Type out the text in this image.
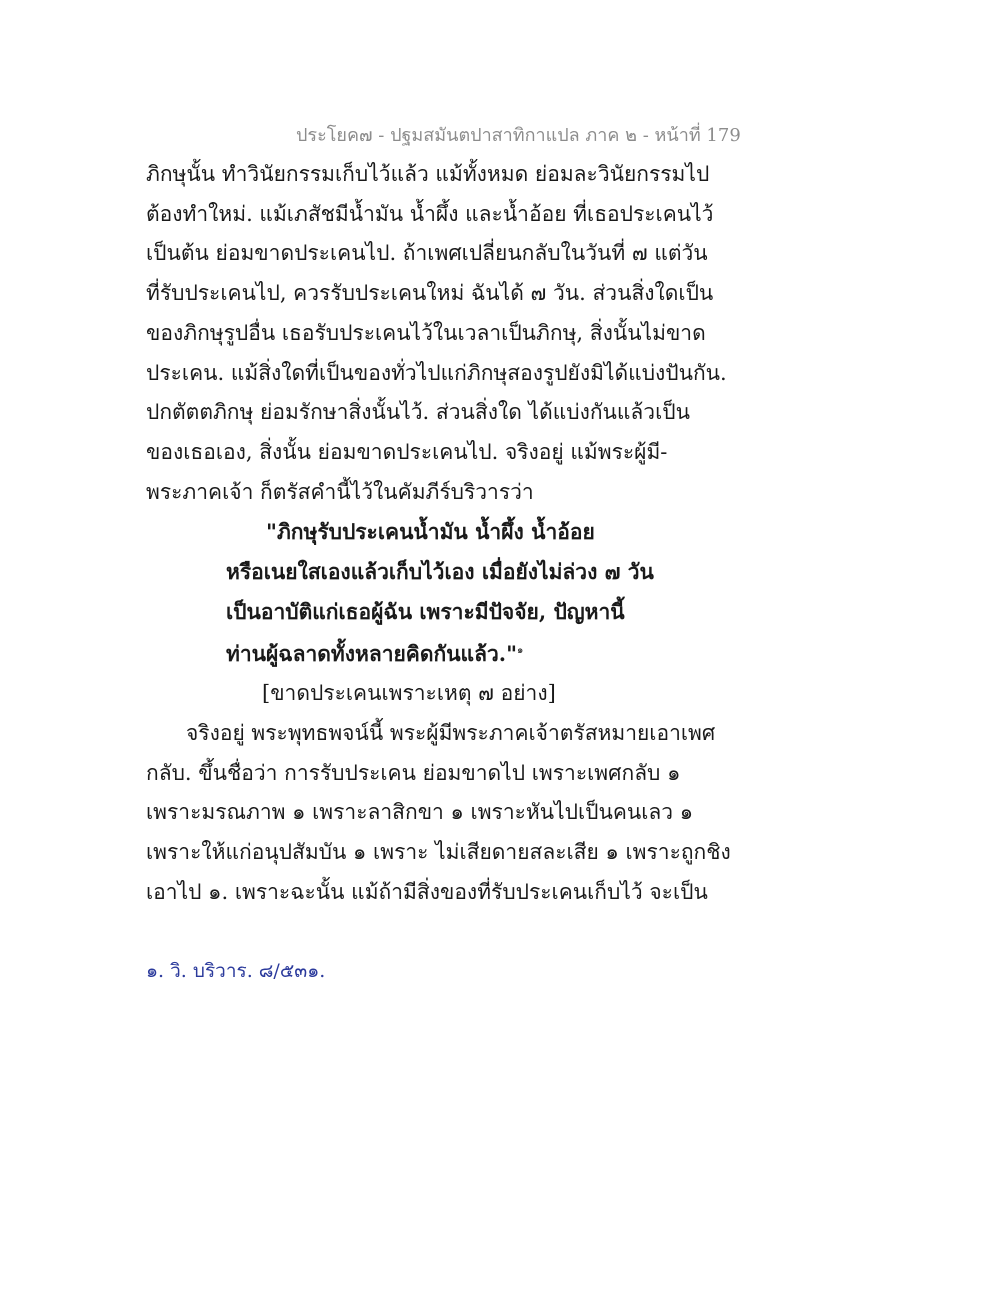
ประโยค๗ - ปฐมสมันตปาสาทิกาแปล ภาค ๒ - หน้าที่ 179
ภิกษุนั้น ทำวินัยกรรมเก็บไว้แล้ว แม้ทั้งหมด ย่อมละวินัยกรรมไป
ต้องทำใหม่. แม้เภสัชมีน้ำมัน น้ำผึ้ง และน้ำอ้อย ที่เธอประเคนไว้
เป็นต้น ย่อมขาดประเคนไป. ถ้าเพศเปลี่ยนกลับในวันที่ ๗ แต่วัน
ที่รับประเคนไป, ควรรับประเคนใหม่ ฉันได้ ๗ วัน. ส่วนสิ่งใดเป็น
ของภิกษุรูปอื่น เธอรับประเคนไว้ในเวลาเป็นภิกษุ, สิ่งนั้นไม่ขาด
ประเคน. แม้สิ่งใดที่เป็นของทั่วไปแก่ภิกษุสองรูปยังมิได้แบ่งปันกัน.
ปกตัตตภิกษุ ย่อมรักษาสิ่งนั้นไว้. ส่วนสิ่งใด ได้แบ่งกันแล้วเป็น
ของเธอเอง, สิ่งนั้น ย่อมขาดประเคนไป. จริงอยู่ แม้พระผู้มี-
พระภาคเจ้า ก็ตรัสคำนี้ไว้ในคัมภีร์บริวารว่า
"ภิกษุรับประเคนน้ำมัน น้ำผึ้ง น้ำอ้อย
หรือเนยใสเองแล้วเก็บไว้เอง เมื่อยังไม่ล่วง ๗ วัน
เป็นอาบัติแก่เธอผู้ฉัน เพราะมีปัจจัย, ปัญหานี้
ท่านผู้ฉลาดทั้งหลายคิดกันแล้ว."$^๑$
[ขาดประเคนเพราะเหตุ ๗ อย่าง]
จริงอยู่ พระพุทธพจน์นี้ พระผู้มีพระภาคเจ้าตรัสหมายเอาเพศ
กลับ. ขึ้นชื่อว่า การรับประเคน ย่อมขาดไป เพราะเพศกลับ ๑
เพราะมรณภาพ ๑ เพราะลาสิกขา ๑ เพราะหันไปเป็นคนเลว ๑
เพราะให้แก่อนุปสัมบัน ๑ เพราะ ไม่เสียดายสละเสีย ๑ เพราะถูกชิง
เอาไป ๑. เพราะฉะนั้น แม้ถ้ามีสิ่งของที่รับประเคนเก็บไว้ จะเป็น
๑. วิ. บริวาร. ๘/๕๓๑.
